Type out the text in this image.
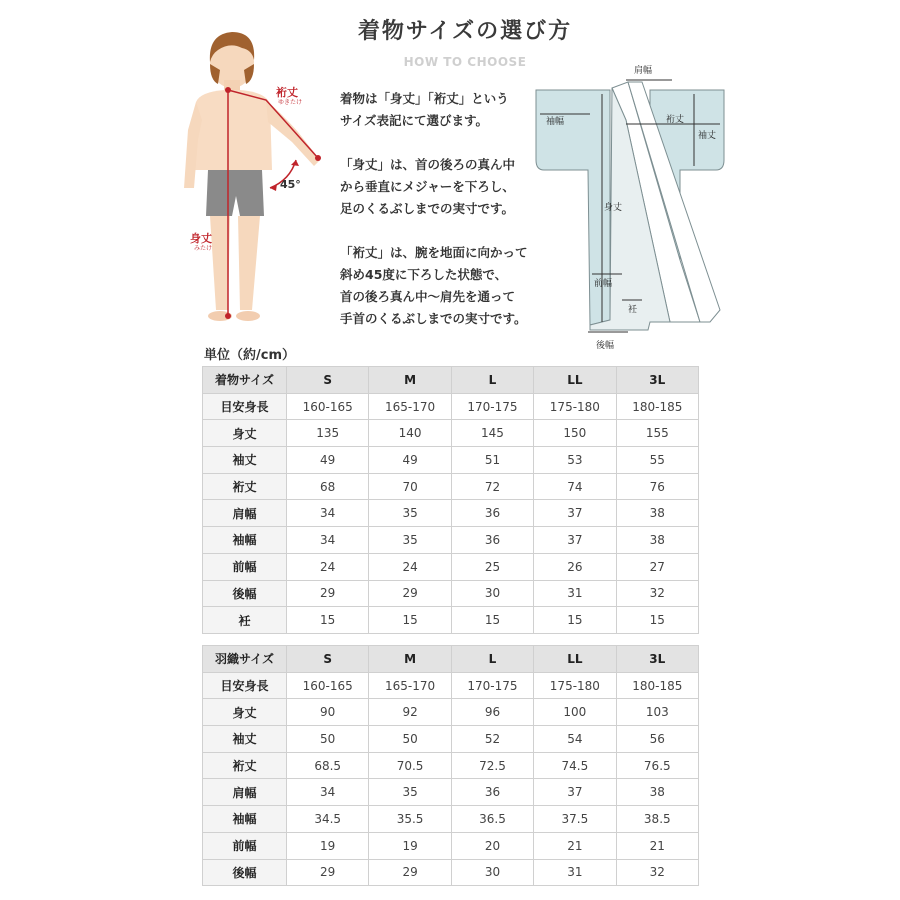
着物サイズの選び方
HOW TO CHOOSE
裄丈
ゆきたけ
身丈
みたけ
45°

着物は「身丈」「裄丈」という
サイズ表記にて選びます。

「身丈」は、首の後ろの真ん中
から垂直にメジャーを下ろし、
足のくるぶしまでの実寸です。

「裄丈」は、腕を地面に向かって
斜め45度に下ろした状態で、
首の後ろ真ん中〜肩先を通って
手首のくるぶしまでの実寸です。

肩幅
袖幅	裄丈
袖丈
身丈
前幅
衽
後幅
単位（約/cm）
着物サイズ	S	M	L	LL	3L
目安身長	160-165	165-170	170-175	175-180	180-185
身丈	135	140	145	150	155
袖丈	49	49	51	53	55
裄丈	68	70	72	74	76
肩幅	34	35	36	37	38
袖幅	34	35	36	37	38
前幅	24	24	25	26	27
後幅	29	29	30	31	32
衽	15	15	15	15	15
羽織サイズ	S	M	L	LL	3L
目安身長	160-165	165-170	170-175	175-180	180-185
身丈	90	92	96	100	103
袖丈	50	50	52	54	56
裄丈	68.5	70.5	72.5	74.5	76.5
肩幅	34	35	36	37	38
袖幅	34.5	35.5	36.5	37.5	38.5
前幅	19	19	20	21	21
後幅	29	29	30	31	32
